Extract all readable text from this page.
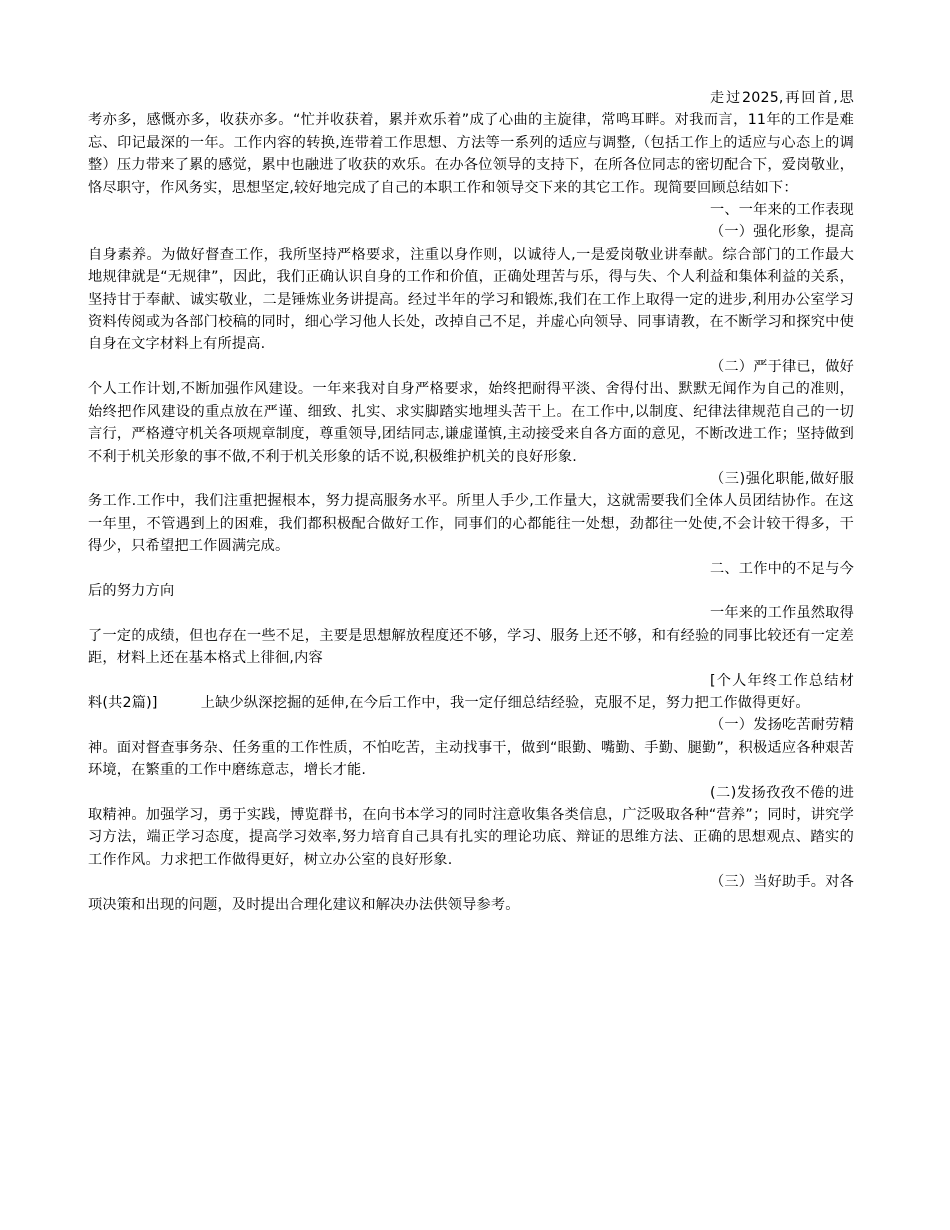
走过2025,再回首,思考亦多，感慨亦多，收获亦多。“忙并收获着，累并欢乐着”成了心曲的主旋律，常鸣耳畔。对我而言，11年的工作是难忘、印记最深的一年。工作内容的转换,连带着工作思想、方法等一系列的适应与调整,（包括工作上的适应与心态上的调整）压力带来了累的感觉，累中也融进了收获的欢乐。在办各位领导的支持下，在所各位同志的密切配合下，爱岗敬业，恪尽职守，作风务实，思想坚定,较好地完成了自己的本职工作和领导交下来的其它工作。现简要回顾总结如下：

一、一年来的工作表现

（一）强化形象，提高自身素养。为做好督查工作，我所坚持严格要求，注重以身作则，以诚待人,一是爱岗敬业讲奉献。综合部门的工作最大地规律就是“无规律”，因此，我们正确认识自身的工作和价值，正确处理苦与乐，得与失、个人利益和集体利益的关系，坚持甘于奉献、诚实敬业，二是锤炼业务讲提高。经过半年的学习和锻炼,我们在工作上取得一定的进步,利用办公室学习资料传阅或为各部门校稿的同时，细心学习他人长处，改掉自己不足，并虚心向领导、同事请教，在不断学习和探究中使自身在文字材料上有所提高.

（二）严于律已，做好个人工作计划,不断加强作风建设。一年来我对自身严格要求，始终把耐得平淡、舍得付出、默默无闻作为自己的准则，始终把作风建设的重点放在严谨、细致、扎实、求实脚踏实地埋头苦干上。在工作中,以制度、纪律法律规范自己的一切言行，严格遵守机关各项规章制度，尊重领导,团结同志,谦虚谨慎,主动接受来自各方面的意见，不断改进工作；坚持做到不利于机关形象的事不做,不利于机关形象的话不说,积极维护机关的良好形象.

（三)强化职能,做好服务工作.工作中，我们注重把握根本，努力提高服务水平。所里人手少,工作量大，这就需要我们全体人员团结协作。在这一年里，不管遇到上的困难，我们都积极配合做好工作，同事们的心都能往一处想，劲都往一处使,不会计较干得多，干得少，只希望把工作圆满完成。

二、工作中的不足与今后的努力方向

一年来的工作虽然取得了一定的成绩，但也存在一些不足，主要是思想解放程度还不够，学习、服务上还不够，和有经验的同事比较还有一定差距，材料上还在基本格式上徘徊,内容

[个人年终工作总结材料(共2篇)]　　　上缺少纵深挖掘的延伸,在今后工作中，我一定仔细总结经验，克服不足，努力把工作做得更好。

（一）发扬吃苦耐劳精神。面对督查事务杂、任务重的工作性质，不怕吃苦，主动找事干，做到“眼勤、嘴勤、手勤、腿勤”，积极适应各种艰苦环境，在繁重的工作中磨练意志，增长才能.

(二)发扬孜孜不倦的进取精神。加强学习，勇于实践，博览群书，在向书本学习的同时注意收集各类信息，广泛吸取各种“营养”；同时，讲究学习方法，端正学习态度，提高学习效率,努力培育自己具有扎实的理论功底、辩证的思维方法、正确的思想观点、踏实的工作作风。力求把工作做得更好，树立办公室的良好形象.

（三）当好助手。对各项决策和出现的问题，及时提出合理化建议和解决办法供领导参考。
